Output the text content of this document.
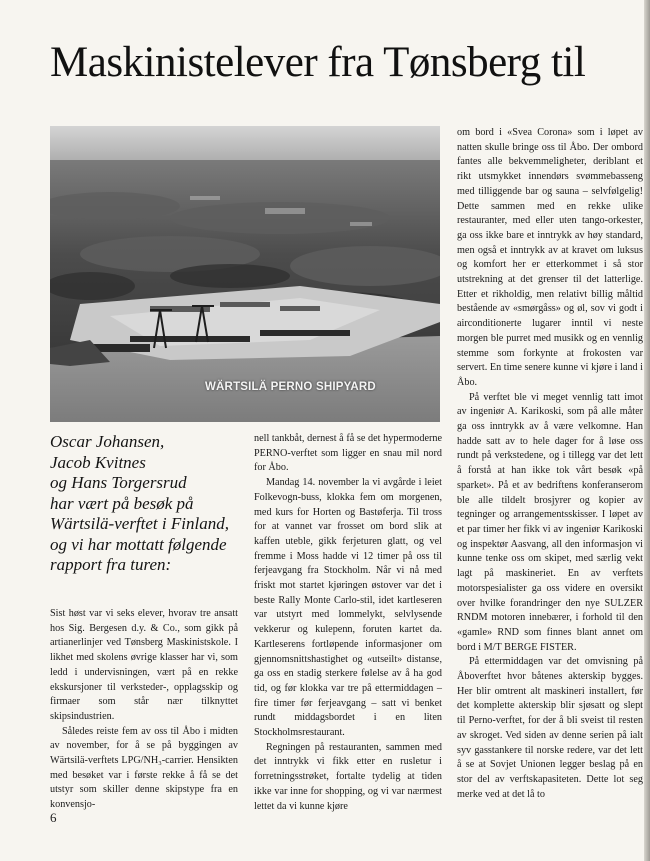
Maskinistelever fra Tønsberg til
WÄRTSILÄ PERNO SHIPYARD

Oscar Johansen,

Jacob Kvitnes

og Hans Torgersrud

har vært på besøk på Wärtsilä-verftet i Finland, og vi har mottatt følgende rapport fra turen:

Sist høst var vi seks elever, hvorav tre ansatt hos Sig. Bergesen d.y. & Co., som gikk på artianerlinjer ved Tønsberg Maskinistskole. I likhet med skolens øvrige klasser har vi, som ledd i undervisningen, vært på en rekke ekskursjoner til verksteder-, opplagsskip og firmaer som står nær tilknyttet skipsindustrien.

Således reiste fem av oss til Åbo i midten av november, for å se på byggingen av Wärtsilä-verftets LPG/NH₃-carrier. Hensikten med besøket var i første rekke å få se det utstyr som skiller denne skipstype fra en konvensjo-

nell tankbåt, dernest å få se det hypermoderne PERNO-verftet som ligger en snau mil nord for Åbo.

Mandag 14. november la vi avgårde i leiet Folkevogn-buss, klokka fem om morgenen, med kurs for Horten og Bastøferja. Til tross for at vannet var frosset om bord slik at kaffen uteble, gikk ferjeturen glatt, og vel fremme i Moss hadde vi 12 timer på oss til ferjeavgang fra Stockholm. Når vi nå med friskt mot startet kjøringen østover var det i beste Rally Monte Carlo-stil, idet kartleseren var utstyrt med lommelykt, selvlysende vekkerur og kulepenn, foruten kartet da. Kartleserens fortløpende informasjoner om gjennomsnittshastighet og «utseilt» distanse, ga oss en stadig sterkere følelse av å ha god tid, og før klokka var tre på ettermiddagen – fire timer før ferjeavgang – satt vi benket rundt middagsbordet i en liten Stockholmsrestaurant.

Regningen på restauranten, sammen med det inntrykk vi fikk etter en rusletur i forretningsstrøket, fortalte tydelig at tiden ikke var inne for shopping, og vi var nærmest lettet da vi kunne kjøre

om bord i «Svea Corona» som i løpet av natten skulle bringe oss til Åbo. Der ombord fantes alle bekvemmeligheter, deriblant et rikt utsmykket innendørs svømmebasseng med tilliggende bar og sauna – selvfølgelig! Dette sammen med en rekke ulike restauranter, med eller uten tango-orkester, ga oss ikke bare et inntrykk av høy standard, men også et inntrykk av at kravet om luksus og komfort her er etterkommet i så stor utstrekning at det grenser til det latterlige. Etter et rikholdig, men relativt billig måltid bestående av «smørgåss» og øl, sov vi godt i airconditionerte lugarer inntil vi neste morgen ble purret med musikk og en vennlig stemme som forkynte at frokosten var servert. En time senere kunne vi kjøre i land i Åbo.

På verftet ble vi meget vennlig tatt imot av ingeniør A. Karikoski, som på alle måter ga oss inntrykk av å være velkomne. Han hadde satt av to hele dager for å løse oss rundt på verkstedene, og i tillegg var det lett å forstå at han ikke tok vårt besøk «på sparket». På et av bedriftens konferanserom ble alle tildelt brosjyrer og kopier av tegninger og arrangementsskisser. I løpet av et par timer her fikk vi av ingeniør Karikoski og inspektør Aasvang, all den informasjon vi kunne tenke oss om skipet, med særlig vekt lagt på maskineriet. En av verftets motorspesialister ga oss videre en oversikt over hvilke forandringer den nye SULZER RNDM motoren innebærer, i forhold til den «gamle» RND som finnes blant annet om bord i M/T BERGE FISTER.

På ettermiddagen var det omvisning på Åboverftet hvor båtenes akterskip bygges. Her blir omtrent alt maskineri installert, før det komplette akterskip blir sjøsatt og slept til Perno-verftet, for der å bli sveist til resten av skroget. Ved siden av denne serien på ialt syv gasstankere til norske redere, var det lett å se at Sovjet Unionen legger beslag på en stor del av verftskapasiteten. Dette lot seg merke ved at det lå to

6
